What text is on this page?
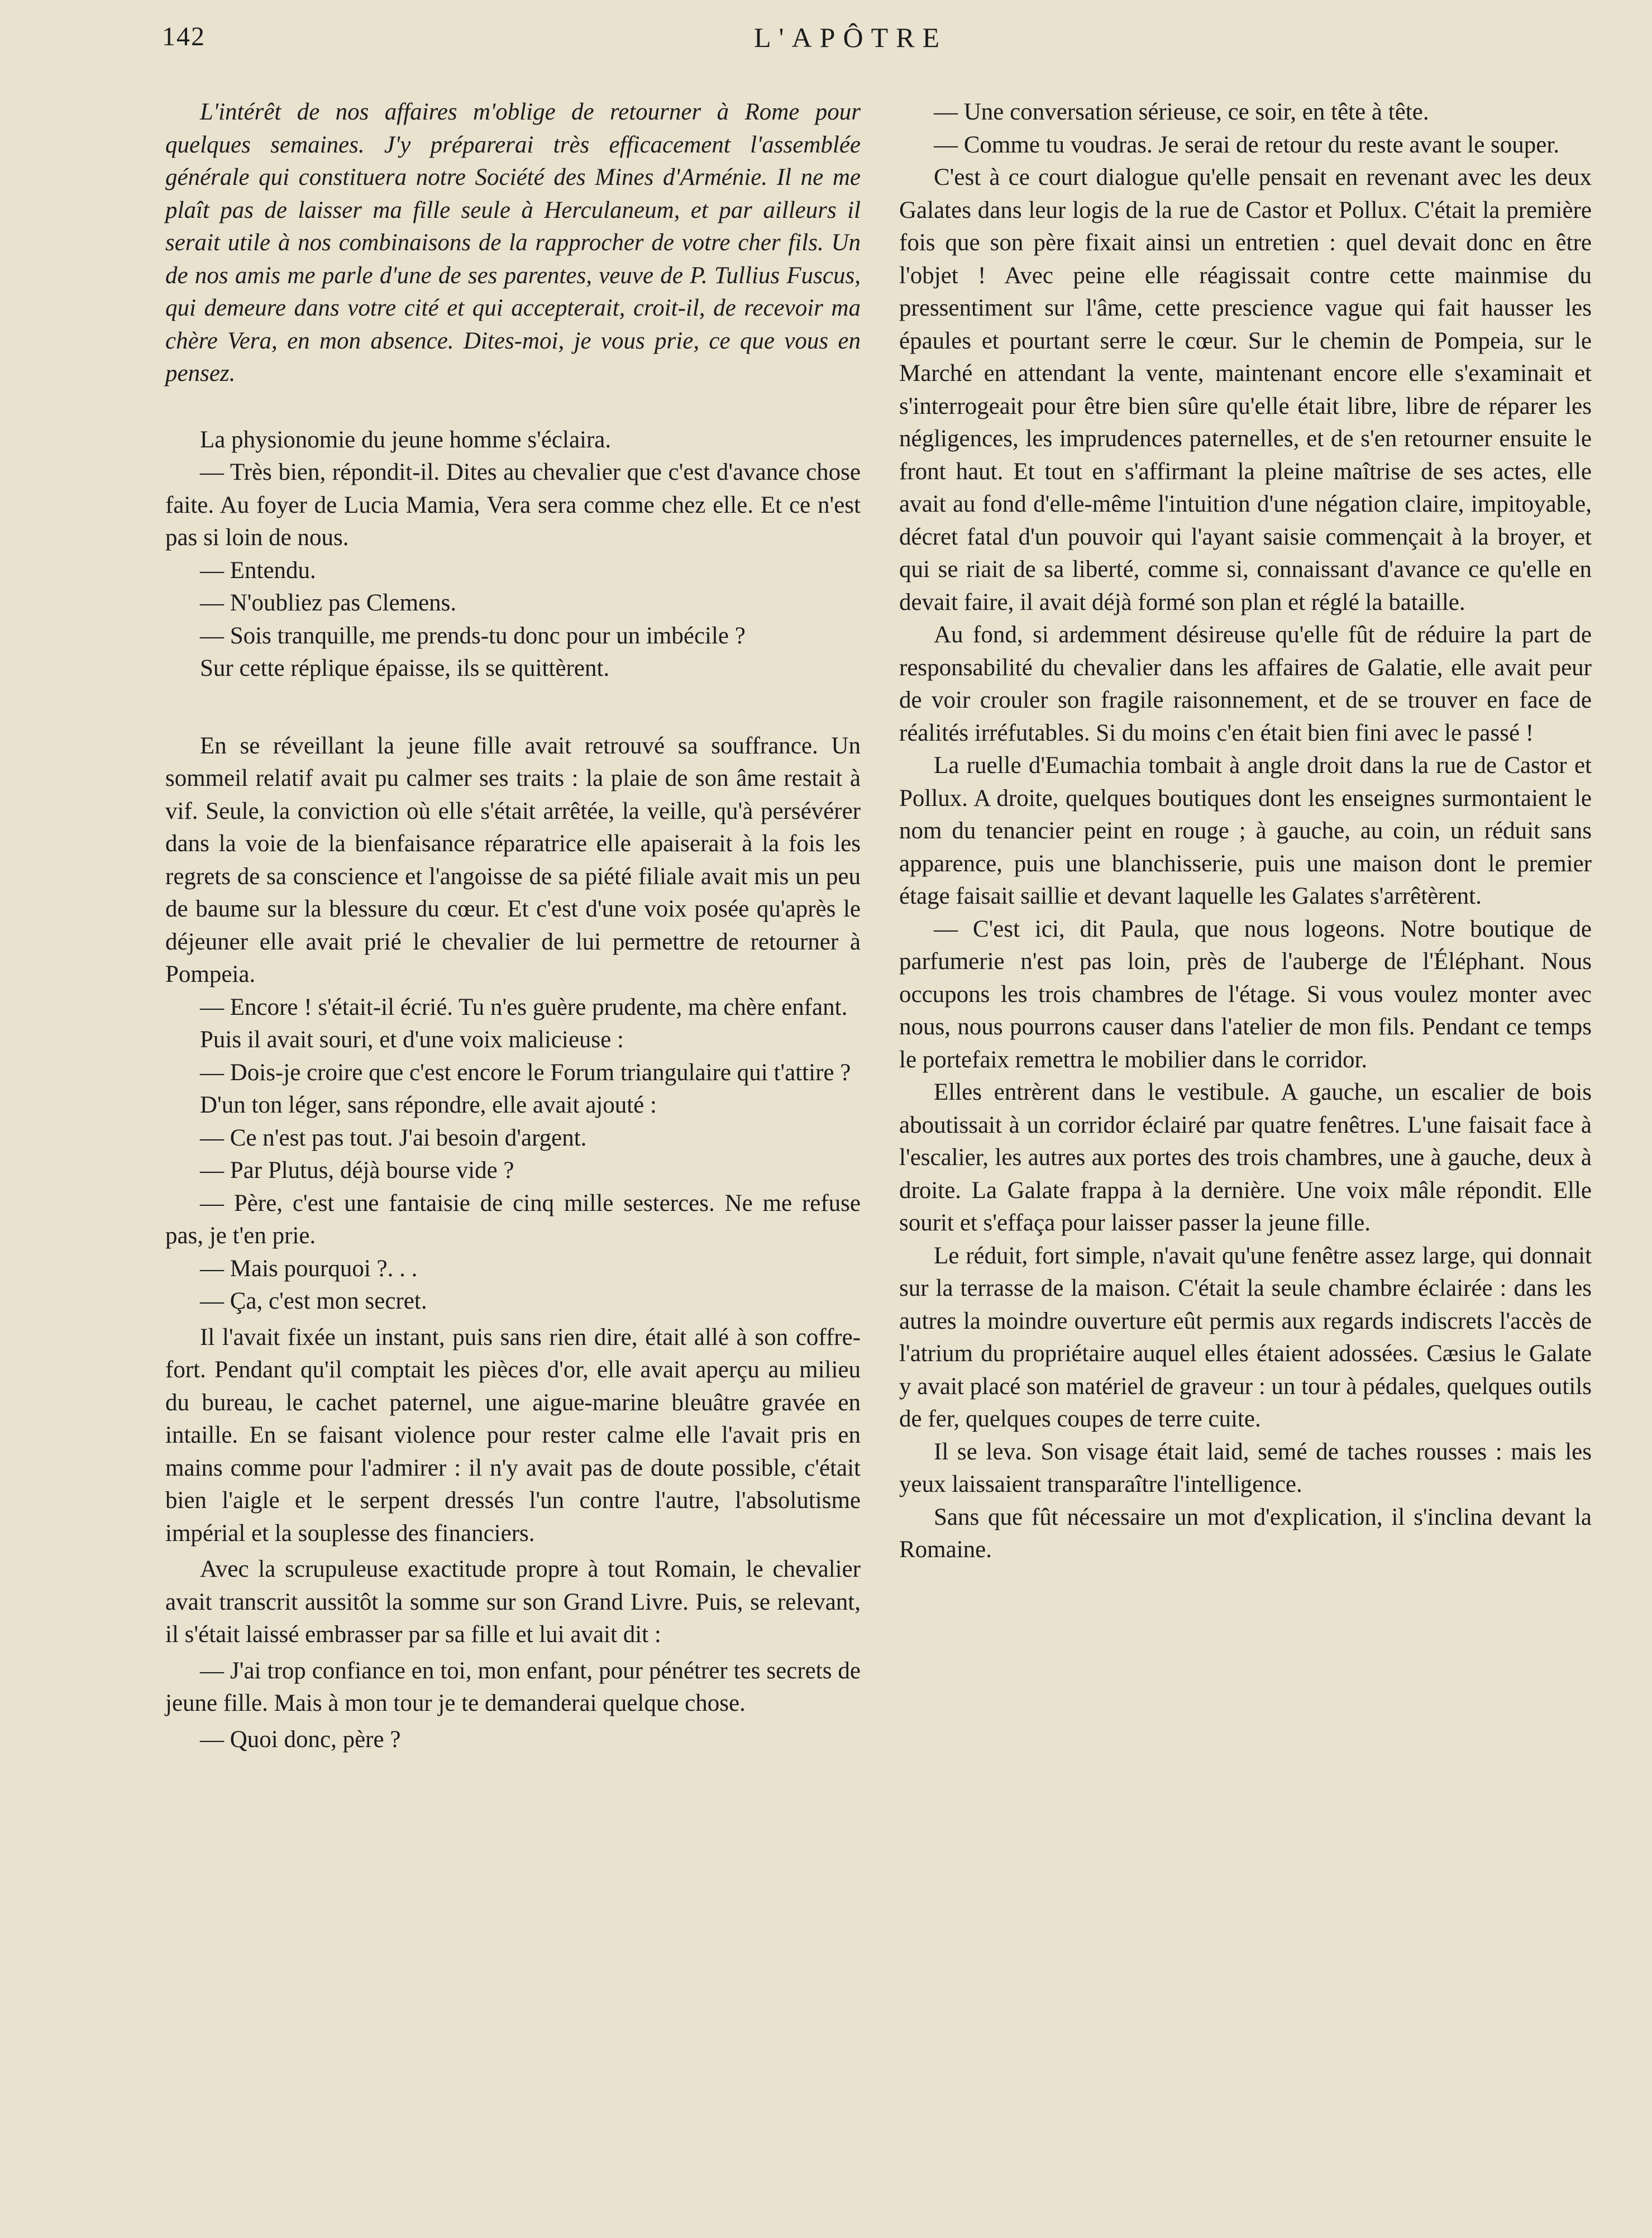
142	L'APÔTRE

L'intérêt de nos affaires m'oblige de retourner à Rome pour quelques semaines. J'y préparerai très efficacement l'assemblée générale qui constituera notre Société des Mines d'Arménie. Il ne me plaît pas de laisser ma fille seule à Herculaneum, et par ailleurs il serait utile à nos combinaisons de la rapprocher de votre cher fils. Un de nos amis me parle d'une de ses parentes, veuve de P. Tullius Fuscus, qui demeure dans votre cité et qui accepterait, croit-il, de recevoir ma chère Vera, en mon absence. Dites-moi, je vous prie, ce que vous en pensez.

La physionomie du jeune homme s'éclaira.

— Très bien, répondit-il. Dites au chevalier que c'est d'avance chose faite. Au foyer de Lucia Mamia, Vera sera comme chez elle. Et ce n'est pas si loin de nous.

— Entendu.

— N'oubliez pas Clemens.

— Sois tranquille, me prends-tu donc pour un imbécile ?

Sur cette réplique épaisse, ils se quittèrent.

En se réveillant la jeune fille avait retrouvé sa souffrance. Un sommeil relatif avait pu calmer ses traits : la plaie de son âme restait à vif. Seule, la conviction où elle s'était arrêtée, la veille, qu'à persévérer dans la voie de la bienfaisance réparatrice elle apaiserait à la fois les regrets de sa conscience et l'angoisse de sa piété filiale avait mis un peu de baume sur la blessure du cœur. Et c'est d'une voix posée qu'après le déjeuner elle avait prié le chevalier de lui permettre de retourner à Pompeia.

— Encore ! s'était-il écrié. Tu n'es guère prudente, ma chère enfant.

Puis il avait souri, et d'une voix malicieuse :

— Dois-je croire que c'est encore le Forum triangulaire qui t'attire ?

D'un ton léger, sans répondre, elle avait ajouté :

— Ce n'est pas tout. J'ai besoin d'argent.

— Par Plutus, déjà bourse vide ?

— Père, c'est une fantaisie de cinq mille sesterces. Ne me refuse pas, je t'en prie.

— Mais pourquoi ?. . .

— Ça, c'est mon secret.

Il l'avait fixée un instant, puis sans rien dire, était allé à son coffre-fort. Pendant qu'il comptait les pièces d'or, elle avait aperçu au milieu du bureau, le cachet paternel, une aigue-marine bleuâtre gravée en intaille. En se faisant violence pour rester calme elle l'avait pris en mains comme pour l'admirer : il n'y avait pas de doute possible, c'était bien l'aigle et le serpent dressés l'un contre l'autre, l'absolutisme impérial et la souplesse des financiers.

Avec la scrupuleuse exactitude propre à tout Romain, le chevalier avait transcrit aussitôt la somme sur son Grand Livre. Puis, se relevant, il s'était laissé embrasser par sa fille et lui avait dit :

— J'ai trop confiance en toi, mon enfant, pour pénétrer tes secrets de jeune fille. Mais à mon tour je te demanderai quelque chose.

— Quoi donc, père ?

— Une conversation sérieuse, ce soir, en tête à tête.

— Comme tu voudras. Je serai de retour du reste avant le souper.

C'est à ce court dialogue qu'elle pensait en revenant avec les deux Galates dans leur logis de la rue de Castor et Pollux. C'était la première fois que son père fixait ainsi un entretien : quel devait donc en être l'objet ! Avec peine elle réagissait contre cette mainmise du pressentiment sur l'âme, cette prescience vague qui fait hausser les épaules et pourtant serre le cœur. Sur le chemin de Pompeia, sur le Marché en attendant la vente, maintenant encore elle s'examinait et s'interrogeait pour être bien sûre qu'elle était libre, libre de réparer les négligences, les imprudences paternelles, et de s'en retourner ensuite le front haut. Et tout en s'affirmant la pleine maîtrise de ses actes, elle avait au fond d'elle-même l'intuition d'une négation claire, impitoyable, décret fatal d'un pouvoir qui l'ayant saisie commençait à la broyer, et qui se riait de sa liberté, comme si, connaissant d'avance ce qu'elle en devait faire, il avait déjà formé son plan et réglé la bataille.

Au fond, si ardemment désireuse qu'elle fût de réduire la part de responsabilité du chevalier dans les affaires de Galatie, elle avait peur de voir crouler son fragile raisonnement, et de se trouver en face de réalités irréfutables. Si du moins c'en était bien fini avec le passé !

La ruelle d'Eumachia tombait à angle droit dans la rue de Castor et Pollux. A droite, quelques boutiques dont les enseignes surmontaient le nom du tenancier peint en rouge ; à gauche, au coin, un réduit sans apparence, puis une blanchisserie, puis une maison dont le premier étage faisait saillie et devant laquelle les Galates s'arrêtèrent.

— C'est ici, dit Paula, que nous logeons. Notre boutique de parfumerie n'est pas loin, près de l'auberge de l'Éléphant. Nous occupons les trois chambres de l'étage. Si vous voulez monter avec nous, nous pourrons causer dans l'atelier de mon fils. Pendant ce temps le portefaix remettra le mobilier dans le corridor.

Elles entrèrent dans le vestibule. A gauche, un escalier de bois aboutissait à un corridor éclairé par quatre fenêtres. L'une faisait face à l'escalier, les autres aux portes des trois chambres, une à gauche, deux à droite. La Galate frappa à la dernière. Une voix mâle répondit. Elle sourit et s'effaça pour laisser passer la jeune fille.

Le réduit, fort simple, n'avait qu'une fenêtre assez large, qui donnait sur la terrasse de la maison. C'était la seule chambre éclairée : dans les autres la moindre ouverture eût permis aux regards indiscrets l'accès de l'atrium du propriétaire auquel elles étaient adossées. Cæsius le Galate y avait placé son matériel de graveur : un tour à pédales, quelques outils de fer, quelques coupes de terre cuite.

Il se leva. Son visage était laid, semé de taches rousses : mais les yeux laissaient transparaître l'intelligence.

Sans que fût nécessaire un mot d'explication, il s'inclina devant la Romaine.
